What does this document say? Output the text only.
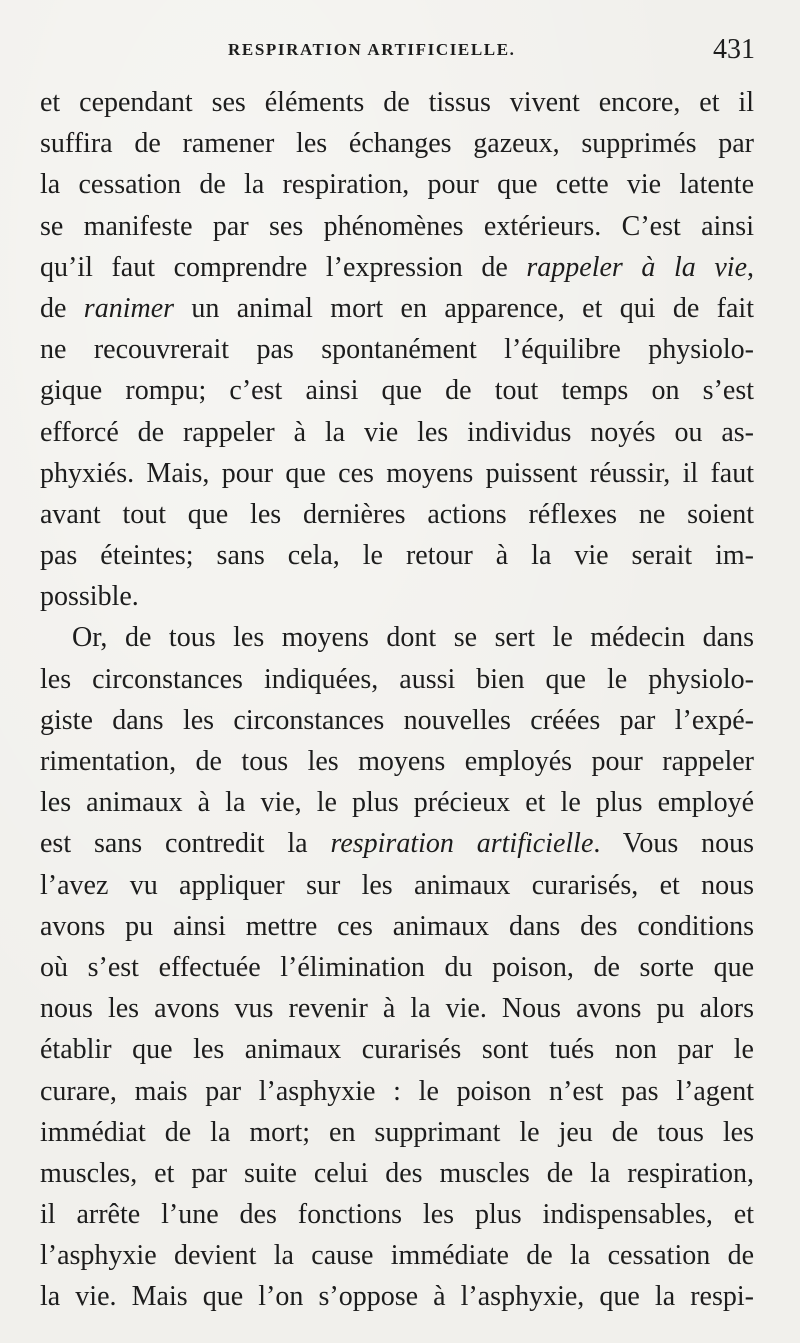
RESPIRATION ARTIFICIELLE.	431
et cependant ses éléments de tissus vivent encore, et il
suffira de ramener les échanges gazeux, supprimés par
la cessation de la respiration, pour que cette vie latente
se manifeste par ses phénomènes extérieurs. C’est ainsi
qu’il faut comprendre l’expression de rappeler à la vie,
de ranimer un animal mort en apparence, et qui de fait
ne recouvrerait pas spontanément l’équilibre physiolo-
gique rompu; c’est ainsi que de tout temps on s’est
efforcé de rappeler à la vie les individus noyés ou as-
phyxiés. Mais, pour que ces moyens puissent réussir, il faut
avant tout que les dernières actions réflexes ne soient
pas éteintes; sans cela, le retour à la vie serait im-
possible.
Or, de tous les moyens dont se sert le médecin dans
les circonstances indiquées, aussi bien que le physiolo-
giste dans les circonstances nouvelles créées par l’expé-
rimentation, de tous les moyens employés pour rappeler
les animaux à la vie, le plus précieux et le plus employé
est sans contredit la respiration artificielle. Vous nous
l’avez vu appliquer sur les animaux curarisés, et nous
avons pu ainsi mettre ces animaux dans des conditions
où s’est effectuée l’élimination du poison, de sorte que
nous les avons vus revenir à la vie. Nous avons pu alors
établir que les animaux curarisés sont tués non par le
curare, mais par l’asphyxie : le poison n’est pas l’agent
immédiat de la mort; en supprimant le jeu de tous les
muscles, et par suite celui des muscles de la respiration,
il arrête l’une des fonctions les plus indispensables, et
l’asphyxie devient la cause immédiate de la cessation de
la vie. Mais que l’on s’oppose à l’asphyxie, que la respi-
